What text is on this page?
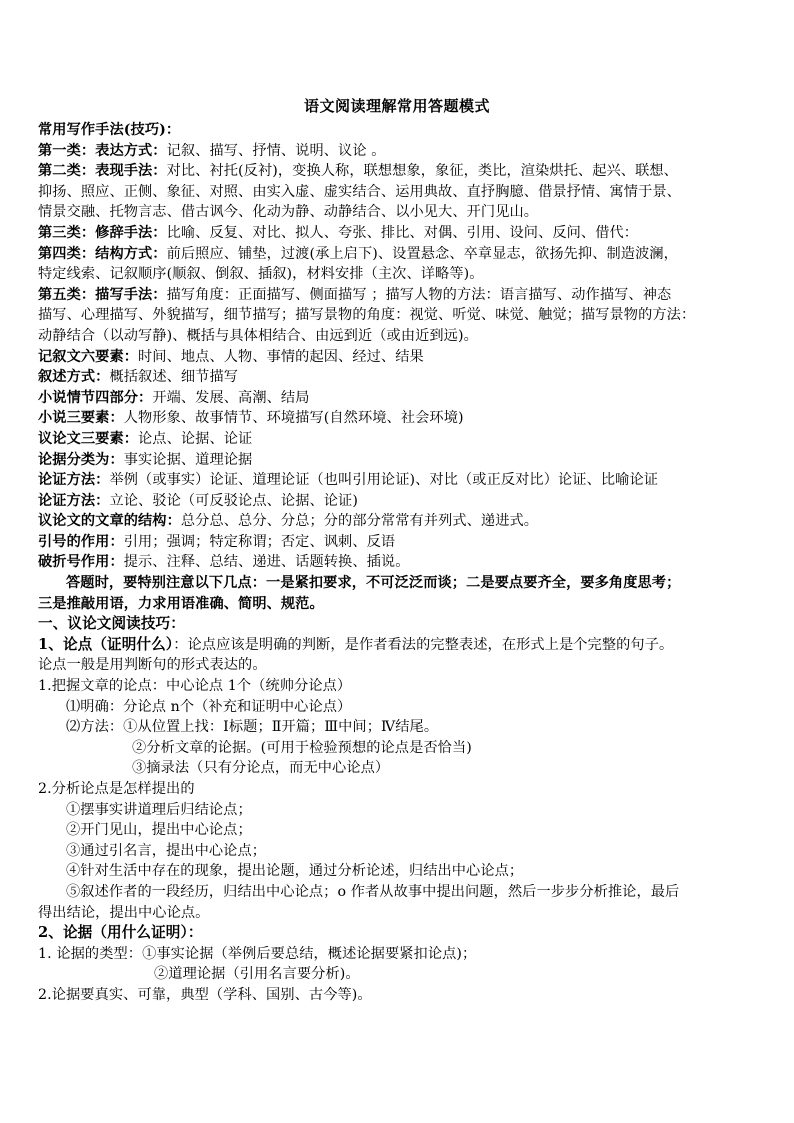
语文阅读理解常用答题模式
常用写作手法(技巧)：
第一类：表达方式：记叙、描写、抒情、说明、议论 。
第二类：表现手法：对比、衬托(反衬)，变换人称，联想想象，象征，类比，渲染烘托、起兴、联想、
抑扬、照应、正侧、象征、对照、由实入虚、虚实结合、运用典故、直抒胸臆、借景抒情、寓情于景、
情景交融、托物言志、借古讽今、化动为静、动静结合、以小见大、开门见山。
第三类：修辞手法：比喻、反复、对比、拟人、夸张、排比、对偶、引用、设问、反问、借代：
第四类：结构方式：前后照应、铺垫，过渡(承上启下)、设置悬念、卒章显志，欲扬先抑、制造波澜，
特定线索、记叙顺序(顺叙、倒叙、插叙)，材料安排（主次、详略等)。
第五类：描写手法：描写角度：正面描写、侧面描写 ；描写人物的方法：语言描写、动作描写、神态
描写、心理描写、外貌描写，细节描写；描写景物的角度：视觉、听觉、味觉、触觉；描写景物的方法：
动静结合（以动写静)、概括与具体相结合、由远到近（或由近到远)。
记叙文六要素：时间、地点、人物、事情的起因、经过、结果
叙述方式：概括叙述、细节描写
小说情节四部分：开端、发展、高潮、结局
小说三要素：人物形象、故事情节、环境描写(自然环境、社会环境)
议论文三要素：论点、论据、论证
论据分类为：事实论据、道理论据
论证方法：举例（或事实）论证、道理论证（也叫引用论证)、对比（或正反对比）论证、比喻论证
论证方法：立论、驳论（可反驳论点、论据、论证)
议论文的文章的结构：总分总、总分、分总；分的部分常常有并列式、递进式。
引号的作用：引用；强调；特定称谓；否定、讽刺、反语
破折号作用：提示、注释、总结、递进、话题转换、插说。
答题时，要特别注意以下几点：一是紧扣要求，不可泛泛而谈；二是要点要齐全，要多角度思考；
三是推敲用语，力求用语准确、简明、规范。
一、议论文阅读技巧：
1、论点（证明什么）：论点应该是明确的判断，是作者看法的完整表述，在形式上是个完整的句子。
论点一般是用判断句的形式表达的。
1.把握文章的论点：中心论点 1个（统帅分论点）
⑴明确：分论点 n个（补充和证明中心论点）
⑵方法：①从位置上找：Ⅰ标题；Ⅱ开篇；Ⅲ中间；Ⅳ结尾。
②分析文章的论据。(可用于检验预想的论点是否恰当)
③摘录法（只有分论点，而无中心论点）
2.分析论点是怎样提出的
①摆事实讲道理后归结论点；
②开门见山，提出中心论点；
③通过引名言，提出中心论点；
④针对生活中存在的现象，提出论题，通过分析论述，归结出中心论点；
⑤叙述作者的一段经历，归结出中心论点；ο 作者从故事中提出问题，然后一步步分析推论，最后
得出结论，提出中心论点。
2、论据（用什么证明）：
1. 论据的类型：①事实论据（举例后要总结，概述论据要紧扣论点)；
②道理论据（引用名言要分析)。
2.论据要真实、可靠，典型（学科、国别、古今等)。
